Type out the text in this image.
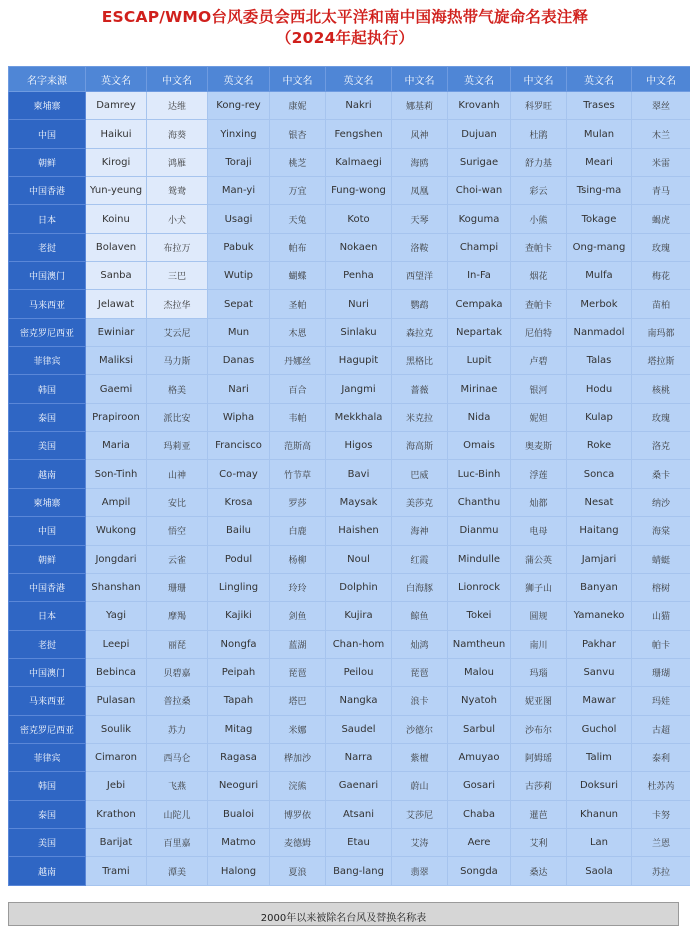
ESCAP/WMO台风委员会西北太平洋和南中国海热带气旋命名表注释
（2024年起执行）
名字来源	英文名	中文名	英文名	中文名	英文名	中文名	英文名	中文名	英文名	中文名
柬埔寨	Damrey	达维	Kong-rey	康妮	Nakri	娜基莉	Krovanh	科罗旺	Trases	翠丝
中国	Haikui	海葵	Yinxing	银杏	Fengshen	风神	Dujuan	杜鹃	Mulan	木兰
朝鲜	Kirogi	鸿雁	Toraji	桃芝	Kalmaegi	海鸥	Surigae	舒力基	Meari	米雷
中国香港	Yun-yeung	鸳鸯	Man-yi	万宜	Fung-wong	凤凰	Choi-wan	彩云	Tsing-ma	青马
日本	Koinu	小犬	Usagi	天兔	Koto	天琴	Koguma	小熊	Tokage	蝎虎
老挝	Bolaven	布拉万	Pabuk	帕布	Nokaen	洛鞍	Champi	查帕卡	Ong-mang	玫瑰
中国澳门	Sanba	三巴	Wutip	蝴蝶	Penha	西望洋	In-Fa	烟花	Mulfa	梅花
马来西亚	Jelawat	杰拉华	Sepat	圣帕	Nuri	鹦鹉	Cempaka	查帕卡	Merbok	苗柏
密克罗尼西亚	Ewiniar	艾云尼	Mun	木恩	Sinlaku	森拉克	Nepartak	尼伯特	Nanmadol	南玛都
菲律宾	Maliksi	马力斯	Danas	丹娜丝	Hagupit	黑格比	Lupit	卢碧	Talas	塔拉斯
韩国	Gaemi	格美	Nari	百合	Jangmi	蔷薇	Mirinae	银河	Hodu	核桃
泰国	Prapiroon	派比安	Wipha	韦帕	Mekkhala	米克拉	Nida	妮妲	Kulap	玫瑰
美国	Maria	玛莉亚	Francisco	范斯高	Higos	海高斯	Omais	奥麦斯	Roke	洛克
越南	Son-Tinh	山神	Co-may	竹节草	Bavi	巴威	Luc-Binh	浮莲	Sonca	桑卡
柬埔寨	Ampil	安比	Krosa	罗莎	Maysak	美莎克	Chanthu	灿都	Nesat	纳沙
中国	Wukong	悟空	Bailu	白鹿	Haishen	海神	Dianmu	电母	Haitang	海棠
朝鲜	Jongdari	云雀	Podul	杨柳	Noul	红霞	Mindulle	蒲公英	Jamjari	蜻蜓
中国香港	Shanshan	珊珊	Lingling	玲玲	Dolphin	白海豚	Lionrock	狮子山	Banyan	榕树
日本	Yagi	摩羯	Kajiki	剑鱼	Kujira	鲸鱼	Tokei	圆规	Yamaneko	山猫
老挝	Leepi	丽琵	Nongfa	蓝湖	Chan-hom	灿鸿	Namtheun	南川	Pakhar	帕卡
中国澳门	Bebinca	贝碧嘉	Peipah	琵琶	Peilou	琵琶	Malou	玛瑙	Sanvu	珊瑚
马来西亚	Pulasan	普拉桑	Tapah	塔巴	Nangka	浪卡	Nyatoh	妮亚图	Mawar	玛娃
密克罗尼西亚	Soulik	苏力	Mitag	米娜	Saudel	沙德尔	Sarbul	沙布尔	Guchol	古超
菲律宾	Cimaron	西马仑	Ragasa	桦加沙	Narra	紫檀	Amuyao	阿姆瑶	Talim	泰利
韩国	Jebi	飞燕	Neoguri	浣熊	Gaenari	蔚山	Gosari	古莎莉	Doksuri	杜苏芮
泰国	Krathon	山陀儿	Bualoi	博罗依	Atsani	艾莎尼	Chaba	暹芭	Khanun	卡努
美国	Barijat	百里嘉	Matmo	麦德姆	Etau	艾涛	Aere	艾利	Lan	兰恩
越南	Trami	潭美	Halong	夏浪	Bang-lang	翡翠	Songda	桑达	Saola	苏拉
2000年以来被除名台风及替换名称表
